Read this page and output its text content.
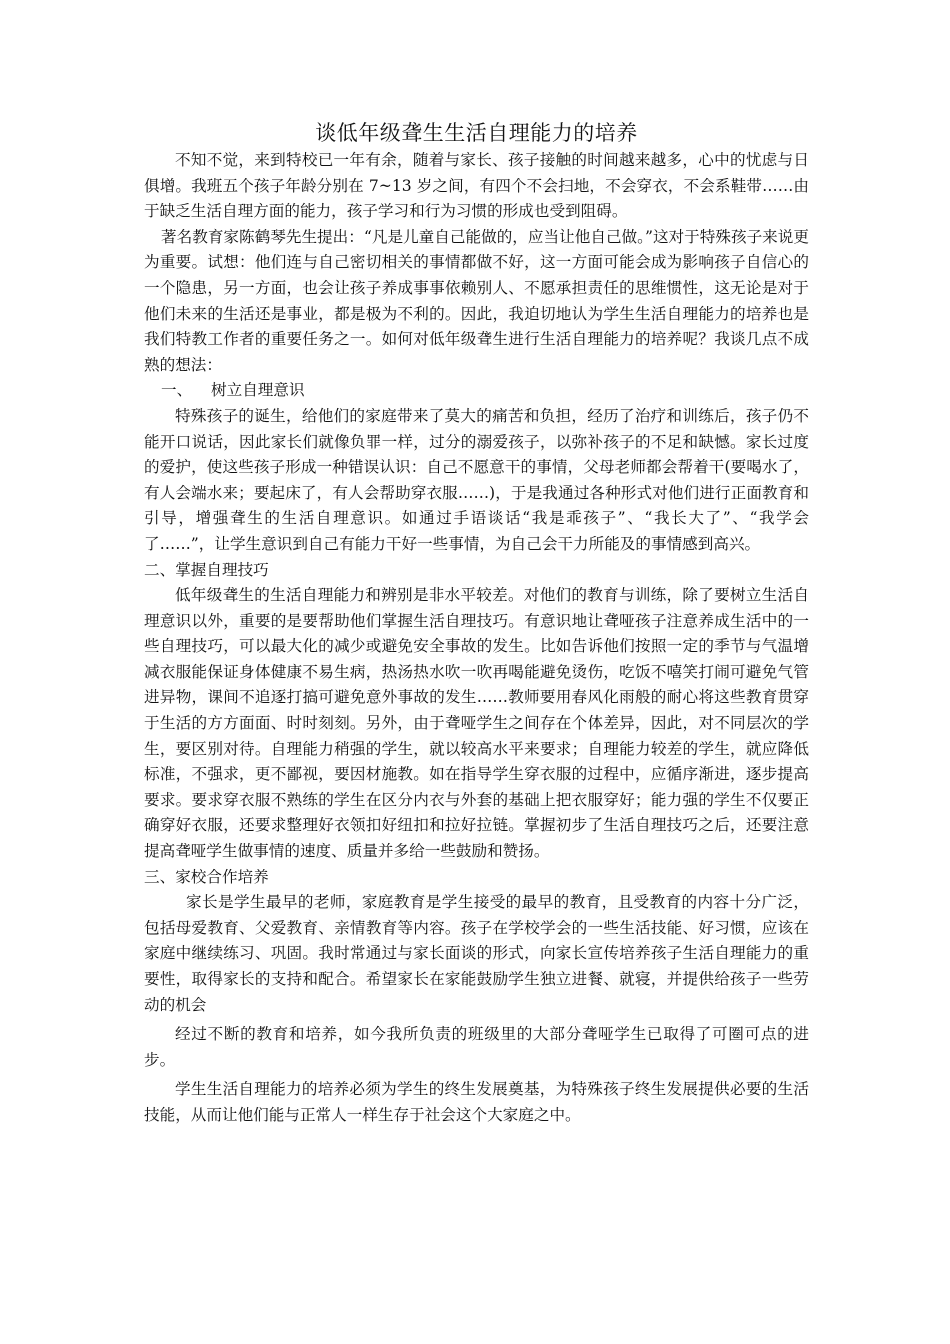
谈低年级聋生生活自理能力的培养

不知不觉，来到特校已一年有余，随着与家长、孩子接触的时间越来越多，心中的忧虑与日俱增。我班五个孩子年龄分别在 7~13 岁之间，有四个不会扫地，不会穿衣，不会系鞋带……由于缺乏生活自理方面的能力，孩子学习和行为习惯的形成也受到阻碍。

著名教育家陈鹤琴先生提出：“凡是儿童自己能做的，应当让他自己做。”这对于特殊孩子来说更为重要。试想：他们连与自己密切相关的事情都做不好，这一方面可能会成为影响孩子自信心的一个隐患，另一方面，也会让孩子养成事事依赖别人、不愿承担责任的思维惯性，这无论是对于他们未来的生活还是事业，都是极为不利的。因此，我迫切地认为学生生活自理能力的培养也是我们特教工作者的重要任务之一。如何对低年级聋生进行生活自理能力的培养呢？我谈几点不成熟的想法：

一、 树立自理意识

特殊孩子的诞生，给他们的家庭带来了莫大的痛苦和负担，经历了治疗和训练后，孩子仍不能开口说话，因此家长们就像负罪一样，过分的溺爱孩子，以弥补孩子的不足和缺憾。家长过度的爱护，使这些孩子形成一种错误认识：自己不愿意干的事情，父母老师都会帮着干(要喝水了，有人会端水来；要起床了，有人会帮助穿衣服……)，于是我通过各种形式对他们进行正面教育和引导，增强聋生的生活自理意识。如通过手语谈话“我是乖孩子”、“我长大了”、“我学会了……”，让学生意识到自己有能力干好一些事情，为自己会干力所能及的事情感到高兴。

二、掌握自理技巧

低年级聋生的生活自理能力和辨别是非水平较差。对他们的教育与训练，除了要树立生活自理意识以外，重要的是要帮助他们掌握生活自理技巧。有意识地让聋哑孩子注意养成生活中的一些自理技巧，可以最大化的减少或避免安全事故的发生。比如告诉他们按照一定的季节与气温增减衣服能保证身体健康不易生病，热汤热水吹一吹再喝能避免烫伤，吃饭不嘻笑打闹可避免气管进异物，课间不追逐打搞可避免意外事故的发生……教师要用春风化雨般的耐心将这些教育贯穿于生活的方方面面、时时刻刻。另外，由于聋哑学生之间存在个体差异，因此，对不同层次的学生，要区别对待。自理能力稍强的学生，就以较高水平来要求；自理能力较差的学生，就应降低标准，不强求，更不鄙视，要因材施教。如在指导学生穿衣服的过程中，应循序渐进，逐步提高要求。要求穿衣服不熟练的学生在区分内衣与外套的基础上把衣服穿好；能力强的学生不仅要正确穿好衣服，还要求整理好衣领扣好纽扣和拉好拉链。掌握初步了生活自理技巧之后，还要注意提高聋哑学生做事情的速度、质量并多给一些鼓励和赞扬。

三、家校合作培养

家长是学生最早的老师，家庭教育是学生接受的最早的教育，且受教育的内容十分广泛，包括母爱教育、父爱教育、亲情教育等内容。孩子在学校学会的一些生活技能、好习惯，应该在家庭中继续练习、巩固。我时常通过与家长面谈的形式，向家长宣传培养孩子生活自理能力的重要性，取得家长的支持和配合。希望家长在家能鼓励学生独立进餐、就寝，并提供给孩子一些劳动的机会

经过不断的教育和培养，如今我所负责的班级里的大部分聋哑学生已取得了可圈可点的进步。

学生生活自理能力的培养必须为学生的终生发展奠基，为特殊孩子终生发展提供必要的生活技能，从而让他们能与正常人一样生存于社会这个大家庭之中。
